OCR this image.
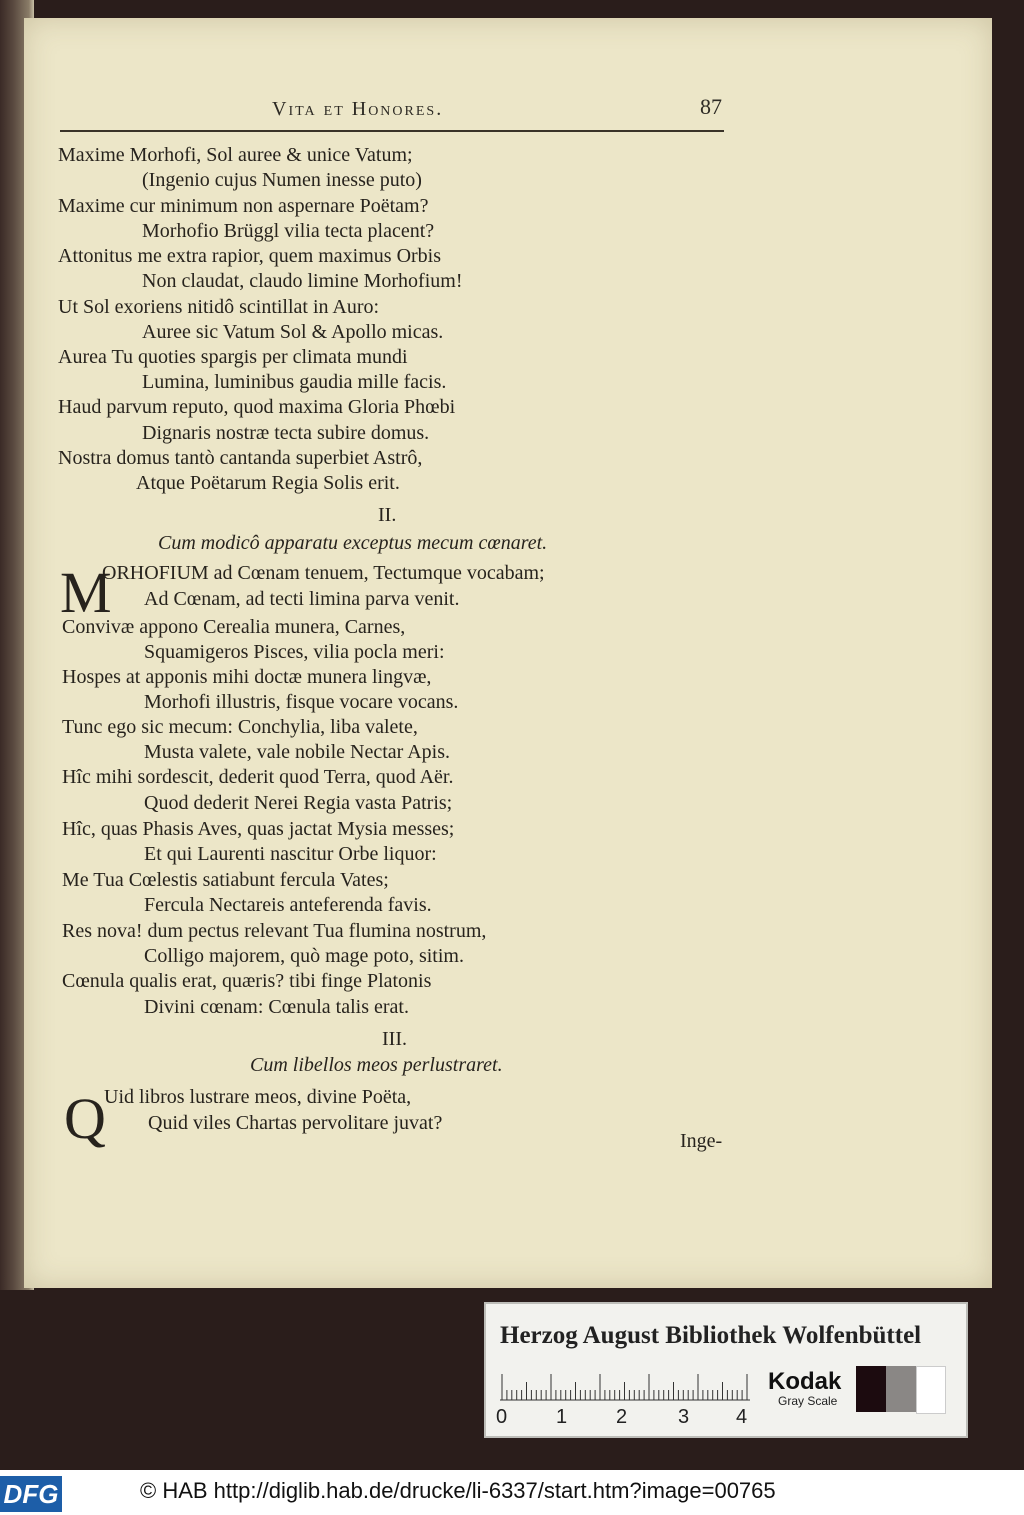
Vita et Honores.	87
Maxime Morhofi, Sol auree & unice Vatum;
(Ingenio cujus Numen inesse puto)
Maxime cur minimum non aspernare Poëtam?
Morhofio Brüggl vilia tecta placent?
Attonitus me extra rapior, quem maximus Orbis
Non claudat, claudo limine Morhofium!
Ut Sol exoriens nitidô scintillat in Auro:
Auree sic Vatum Sol & Apollo micas.
Aurea Tu quoties spargis per climata mundi
Lumina, luminibus gaudia mille facis.
Haud parvum reputo, quod maxima Gloria Phœbi
Dignaris nostræ tecta subire domus.
Nostra domus tantò cantanda superbiet Astrô,
Atque Poëtarum Regia Solis erit.
II.
Cum modicô apparatu exceptus mecum cœnaret.
M
ORHOFIUM ad Cœnam tenuem, Tectumque vocabam;
Ad Cœnam, ad tecti limina parva venit.
Convivæ appono Cerealia munera, Carnes,
Squamigeros Pisces, vilia pocla meri:
Hospes at apponis mihi doctæ munera lingvæ,
Morhofi illustris, fisque vocare vocans.
Tunc ego sic mecum: Conchylia, liba valete,
Musta valete, vale nobile Nectar Apis.
Hîc mihi sordescit, dederit quod Terra, quod Aër.
Quod dederit Nerei Regia vasta Patris;
Hîc, quas Phasis Aves, quas jactat Mysia messes;
Et qui Laurenti nascitur Orbe liquor:
Me Tua Cœlestis satiabunt fercula Vates;
Fercula Nectareis anteferenda favis.
Res nova! dum pectus relevant Tua flumina nostrum,
Colligo majorem, quò mage poto, sitim.
Cœnula qualis erat, quæris? tibi finge Platonis
Divini cœnam: Cœnula talis erat.
III.
Cum libellos meos perlustraret.
Q
Uid libros lustrare meos, divine Poëta,
Quid viles Chartas pervolitare juvat?
Inge-
Herzog August Bibliothek Wolfenbüttel
0 1 2	3 4
Kodak
Gray Scale
DFG	© HAB http://diglib.hab.de/drucke/li-6337/start.htm?image=00765
